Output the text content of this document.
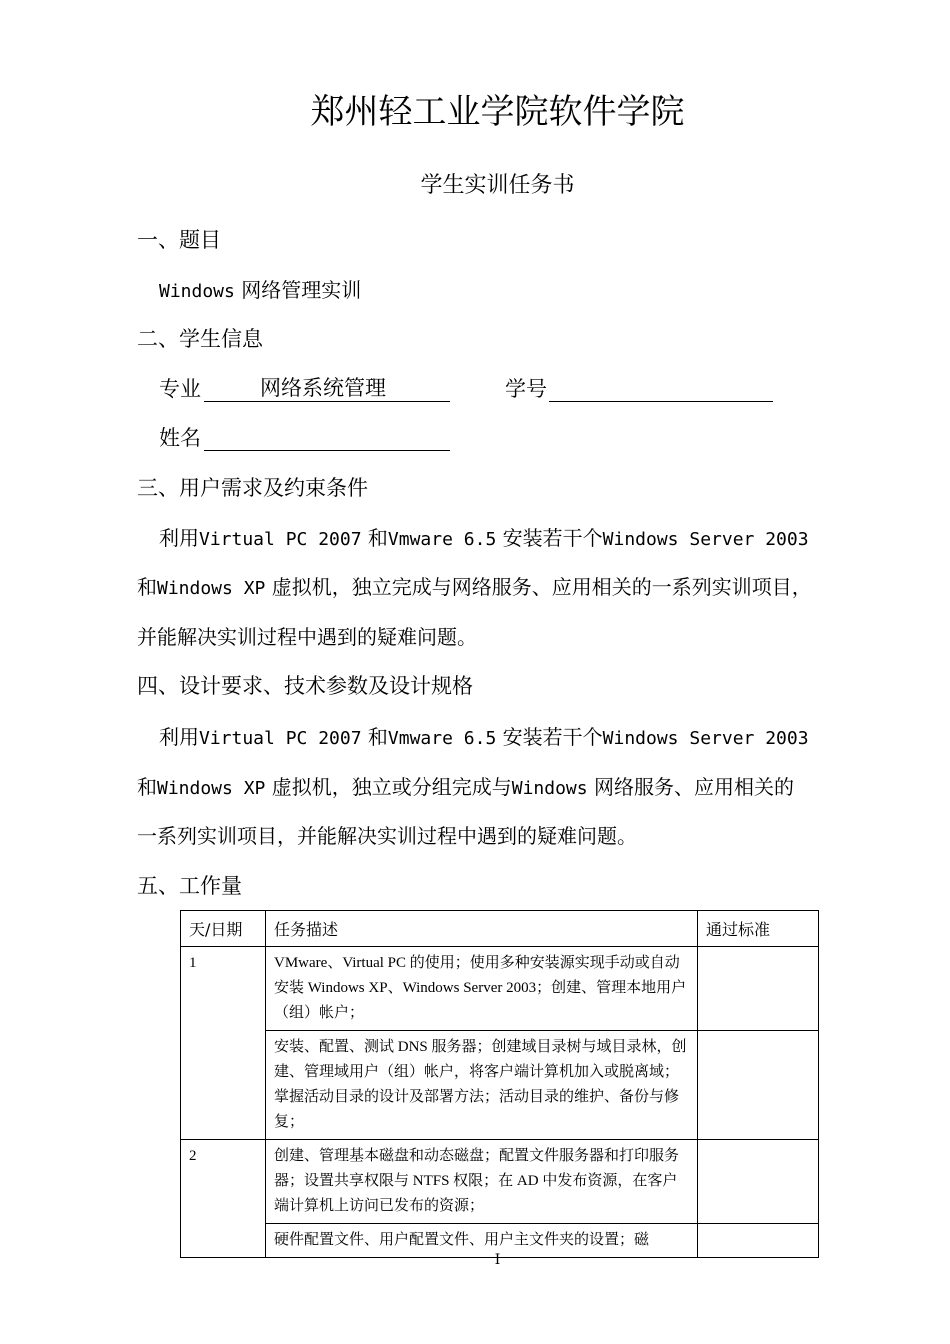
郑州轻工业学院软件学院
学生实训任务书
一、题目
Windows 网络管理实训
二、学生信息
专业	网络系统管理	学号
姓名
三、用户需求及约束条件
利用Virtual PC 2007 和Vmware 6.5 安装若干个Windows Server 2003
和Windows XP 虚拟机，独立完成与网络服务、应用相关的一系列实训项目，
并能解决实训过程中遇到的疑难问题。
四、设计要求、技术参数及设计规格
利用Virtual PC 2007 和Vmware 6.5 安装若干个Windows Server 2003
和Windows XP 虚拟机，独立或分组完成与Windows 网络服务、应用相关的
一系列实训项目，并能解决实训过程中遇到的疑难问题。
五、工作量
天/日期	任务描述	通过标准
1	VMware、Virtual PC 的使用；使用多种安装源实现手动或自动安装 Windows XP、Windows Server 2003；创建、管理本地用户（组）帐户；	
	安装、配置、测试 DNS 服务器；创建域目录树与域目录林，创建、管理域用户（组）帐户，将客户端计算机加入或脱离域；掌握活动目录的设计及部署方法；活动目录的维护、备份与修复；	
2	创建、管理基本磁盘和动态磁盘；配置文件服务器和打印服务器；设置共享权限与 NTFS 权限；在 AD 中发布资源，在客户端计算机上访问已发布的资源；	
	硬件配置文件、用户配置文件、用户主文件夹的设置；磁	
I
